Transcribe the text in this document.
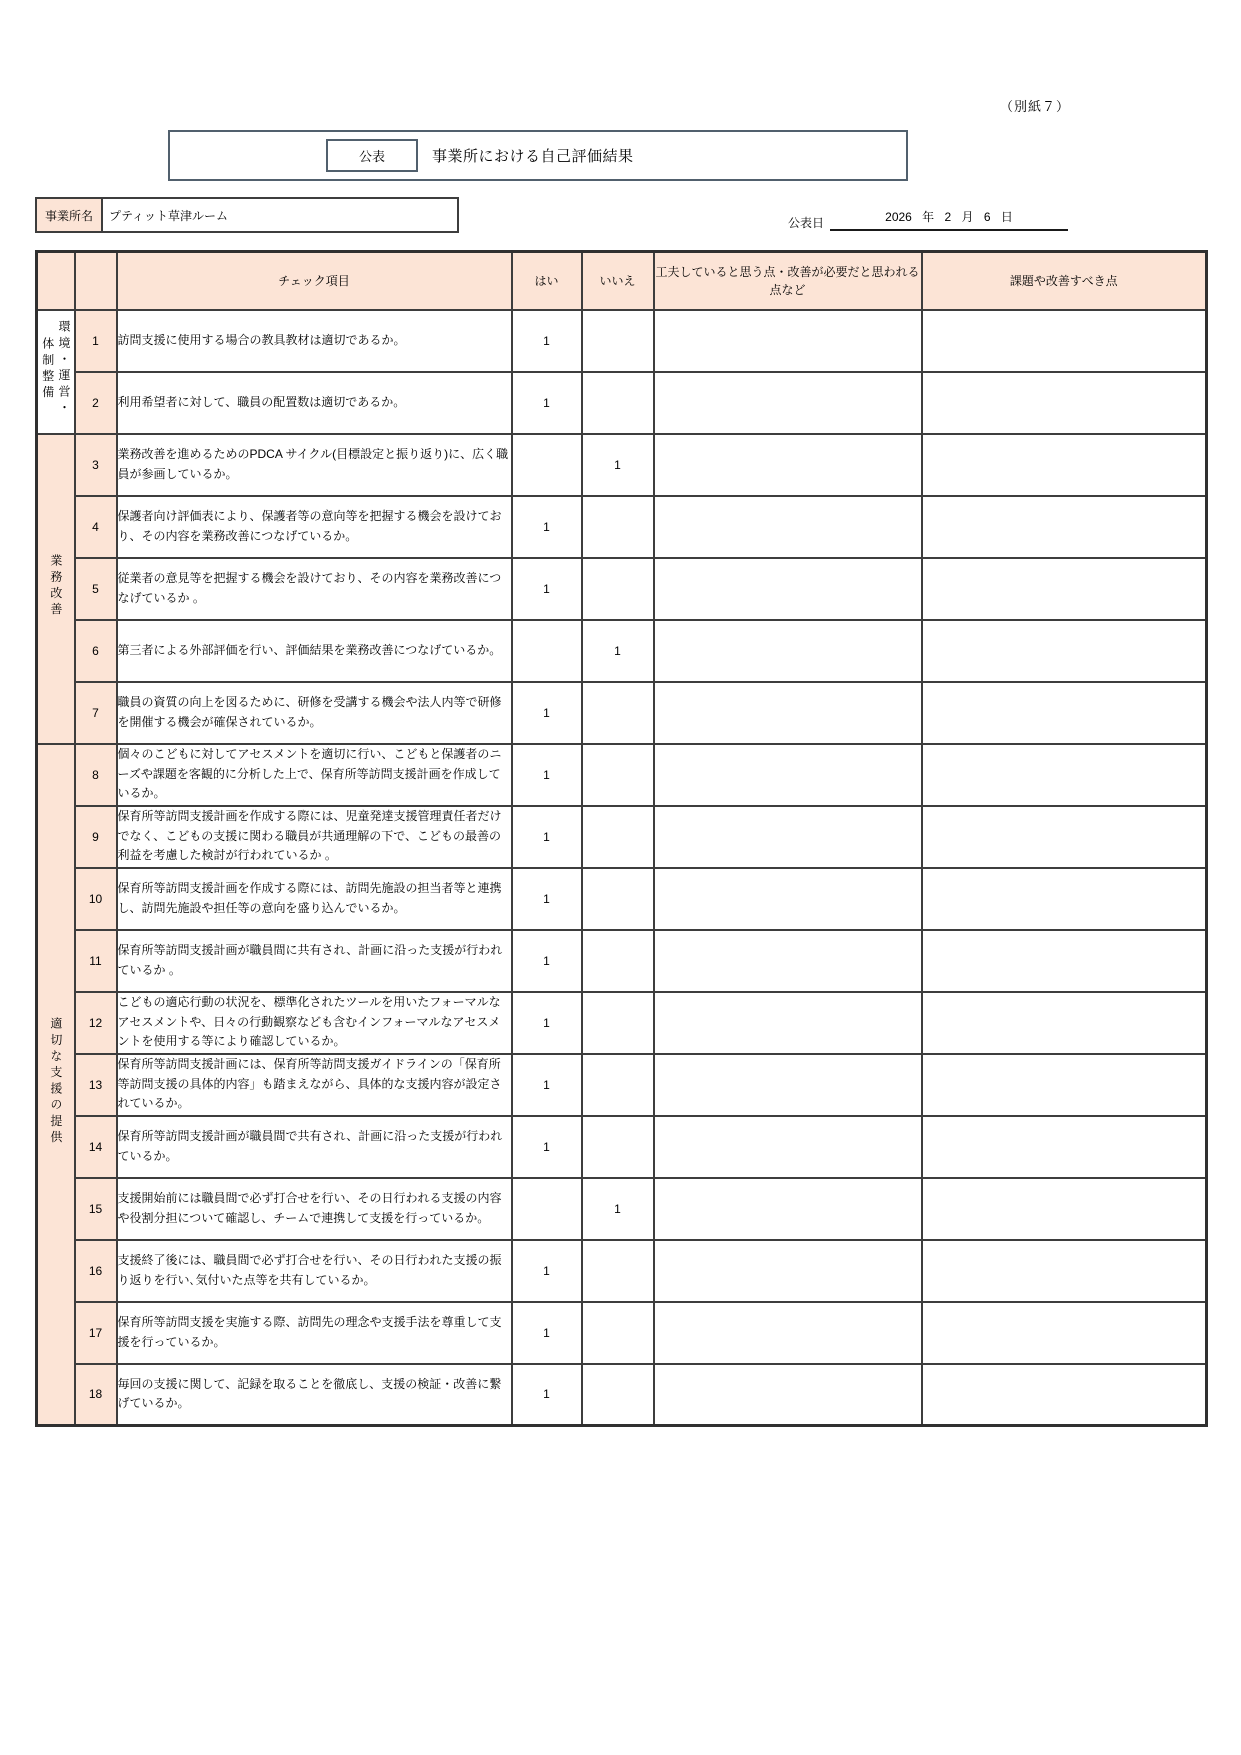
（別紙７）
公表	事業所における自己評価結果
事業所名	プティット草津ルーム
公表日	2026 年 2 月 6 日
		チェック項目	はい	いいえ	工夫していると思う点・改善が必要だと思われる点など	課題や改善すべき点
環境・運営・体制整備	1	訪問支援に使用する場合の教具教材は適切であるか。	1			
	2	利用希望者に対して、職員の配置数は適切であるか。	1			
業務改善	3	業務改善を進めるためのPDCA サイクル(目標設定と振り返り)に、広く職員が参画しているか。		1		
	4	保護者向け評価表により、保護者等の意向等を把握する機会を設けており、その内容を業務改善につなげているか。	1			
	5	従業者の意見等を把握する機会を設けており、その内容を業務改善につなげているか 。	1			
	6	第三者による外部評価を行い、評価結果を業務改善につなげているか。		1		
	7	職員の資質の向上を図るために、研修を受講する機会や法人内等で研修を開催する機会が確保されているか。	1			
適切な支援の提供	8	個々のこどもに対してアセスメントを適切に行い、こどもと保護者のニーズや課題を客観的に分析した上で、保育所等訪問支援計画を作成しているか。	1			
	9	保育所等訪問支援計画を作成する際には、児童発達支援管理責任者だけでなく、こどもの支援に関わる職員が共通理解の下で、こどもの最善の利益を考慮した検討が行われているか 。	1			
	10	保育所等訪問支援計画を作成する際には、訪問先施設の担当者等と連携し、訪問先施設や担任等の意向を盛り込んでいるか。	1			
	11	保育所等訪問支援計画が職員間に共有され、計画に沿った支援が行われているか 。	1			
	12	こどもの適応行動の状況を、標準化されたツールを用いたフォーマルなアセスメントや、日々の行動観察なども含むインフォーマルなアセスメントを使用する等により確認しているか。	1			
	13	保育所等訪問支援計画には、保育所等訪問支援ガイドラインの「保育所等訪問支援の具体的内容」も踏まえながら、具体的な支援内容が設定されているか。	1			
	14	保育所等訪問支援計画が職員間で共有され、計画に沿った支援が行われているか。	1			
	15	支援開始前には職員間で必ず打合せを行い、その日行われる支援の内容や役割分担について確認し、チームで連携して支援を行っているか。		1		
	16	支援終了後には、職員間で必ず打合せを行い、その日行われた支援の振り返りを行い､気付いた点等を共有しているか。	1			
	17	保育所等訪問支援を実施する際、訪問先の理念や支援手法を尊重して支援を行っているか。	1			
	18	毎回の支援に関して、記録を取ることを徹底し、支援の検証・改善に繋げているか。	1			
